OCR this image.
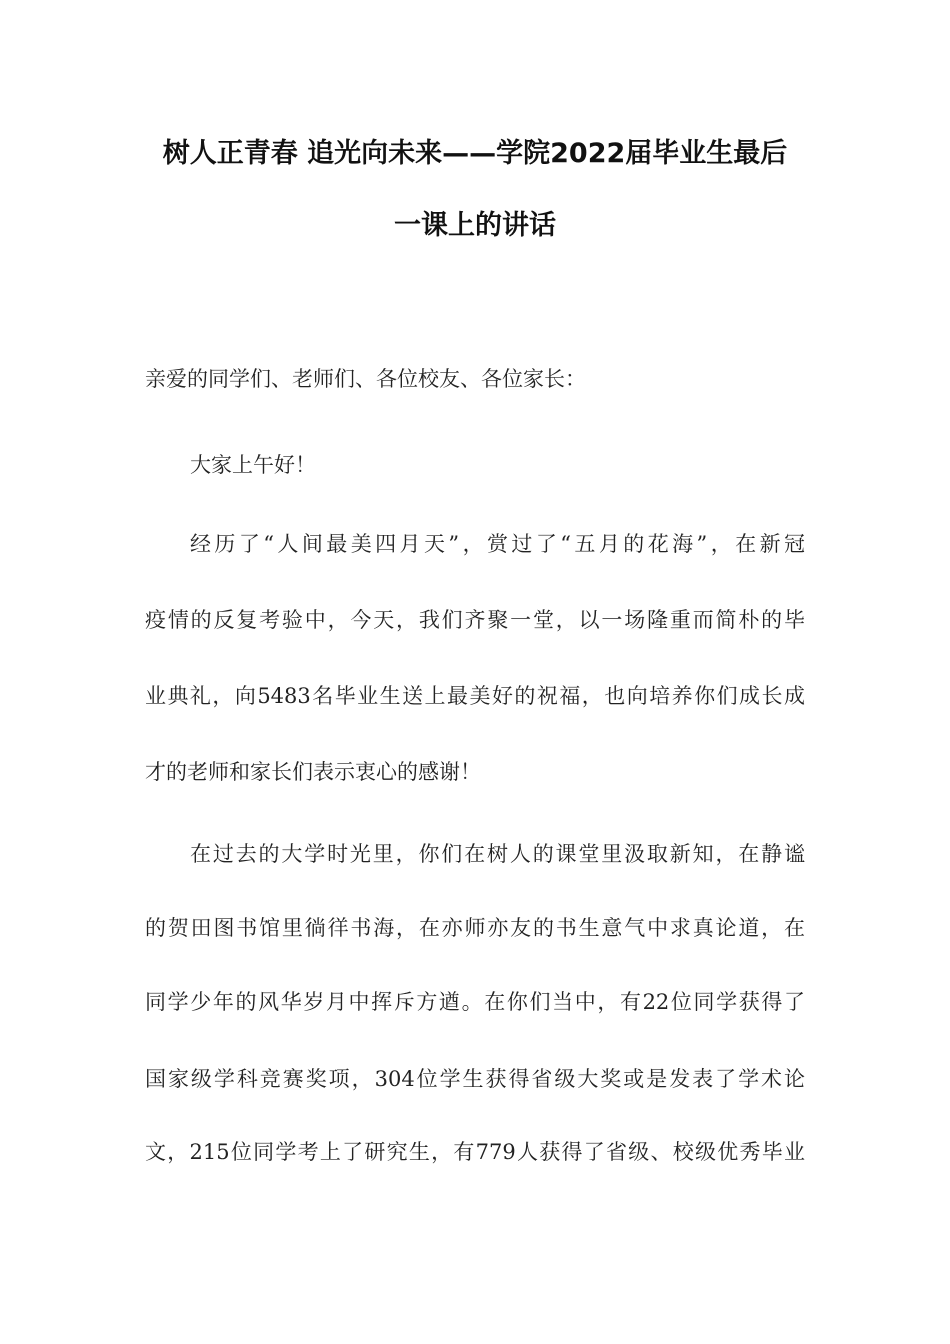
树人正青春 追光向未来——学院2022届毕业生最后
一课上的讲话
亲爱的同学们、老师们、各位校友、各位家长：
大家上午好！
经历了“人间最美四月天”，赏过了“五月的花海”，在新冠
疫情的反复考验中，今天，我们齐聚一堂，以一场隆重而简朴的毕
业典礼，向5483名毕业生送上最美好的祝福，也向培养你们成长成
才的老师和家长们表示衷心的感谢！
在过去的大学时光里，你们在树人的课堂里汲取新知，在静谧
的贺田图书馆里徜徉书海，在亦师亦友的书生意气中求真论道，在
同学少年的风华岁月中挥斥方遒。在你们当中，有22位同学获得了
国家级学科竞赛奖项，304位学生获得省级大奖或是发表了学术论
文，215位同学考上了研究生，有779人获得了省级、校级优秀毕业
